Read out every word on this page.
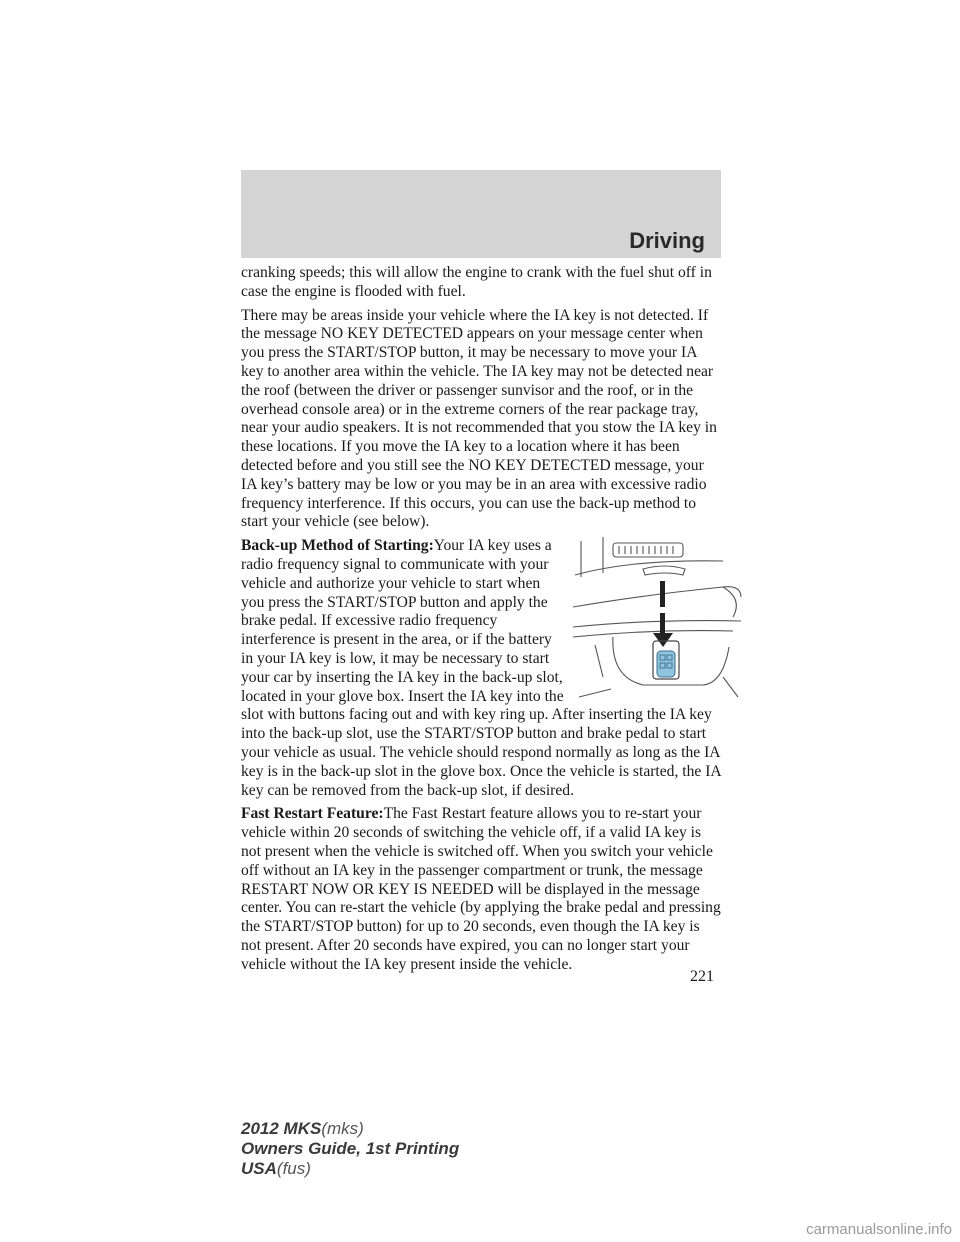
Driving

cranking speeds; this will allow the engine to crank with the fuel shut off in case the engine is flooded with fuel.

There may be areas inside your vehicle where the IA key is not detected. If the message NO KEY DETECTED appears on your message center when you press the START/STOP button, it may be necessary to move your IA key to another area within the vehicle. The IA key may not be detected near the roof (between the driver or passenger sunvisor and the roof, or in the overhead console area) or in the extreme corners of the rear package tray, near your audio speakers. It is not recommended that you stow the IA key in these locations. If you move the IA key to a location where it has been detected before and you still see the NO KEY DETECTED message, your IA key’s battery may be low or you may be in an area with excessive radio frequency interference. If this occurs, you can use the back-up method to start your vehicle (see below).

Back-up Method of Starting:Your IA key uses a radio frequency signal to communicate with your vehicle and authorize your vehicle to start when you press the START/STOP button and apply the brake pedal. If excessive radio frequency interference is present in the area, or if the battery in your IA key is low, it may be necessary to start your car by inserting the IA key in the back-up slot, located in your glove box. Insert the IA key into the slot with buttons facing out and with key ring up. After inserting the IA key into the back-up slot, use the START/STOP button and brake pedal to start your vehicle as usual. The vehicle should respond normally as long as the IA key is in the back-up slot in the glove box. Once the vehicle is started, the IA key can be removed from the back-up slot, if desired.

Fast Restart Feature:The Fast Restart feature allows you to re-start your vehicle within 20 seconds of switching the vehicle off, if a valid IA key is not present when the vehicle is switched off. When you switch your vehicle off without an IA key in the passenger compartment or trunk, the message RESTART NOW OR KEY IS NEEDED will be displayed in the message center. You can re-start the vehicle (by applying the brake pedal and pressing the START/STOP button) for up to 20 seconds, even though the IA key is not present. After 20 seconds have expired, you can no longer start your vehicle without the IA key present inside the vehicle.

221
2012 MKS(mks)
Owners Guide, 1st Printing
USA(fus)
carmanualsonline.info
